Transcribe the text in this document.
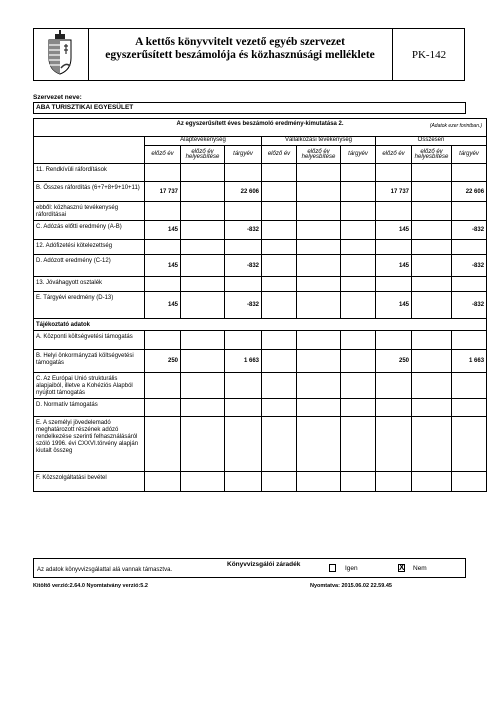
A kettős könyvvitelt vezető egyéb szervezet
egyszerűsített beszámolója és közhasznúsági melléklete	PK-142
Szervezet neve:
ABA TURISZTIKAI EGYESÜLET
Az egyszerűsített éves beszámoló eredmény-kimutatása 2. (Adatok ezer forintban.)									

	Alaptevékenység			Vállalkozási tevékenység			Összesen		
	előző év	előző év helyesbítése	tárgyév	előző év	előző év helyesbítése	tárgyév	előző év	előző év helyesbítése	tárgyév
11. Rendkívüli ráfordítások									
B. Összes ráfordítás (6+7+8+9+10+11)	17 737		22 606				17 737		22 606
ebből: közhasznú tevékenység ráfordításai									
C. Adózás előtti eredmény (A-B)	145		-832				145		-832
12. Adófizetési kötelezettség									
D. Adózott eredmény (C-12)	145		-832				145		-832
13. Jóváhagyott osztalék									
E. Tárgyévi eredmény (D-13)	145		-832				145		-832
Tájékoztató adatok									
A. Központi költségvetési támogatás									
B. Helyi önkormányzati költségvetési támogatás	250		1 663				250		1 663
C. Az Európai Unió strukturális alapjaiból, illetve a Kohéziós Alapból nyújtott támogatás									
D. Normatív támogatás									
E. A személyi jövedelemadó meghatározott részének adózó rendelkezése szerinti felhasználásáról szóló 1996. évi CXXVI.törvény alapján kiutalt összeg									
F. Közszolgáltatási bevétel									
Az adatok könyvvizsgálattal alá vannak támasztva.
Könyvvizsgálói záradék
Igen	X Nem
Kitöltő verzió:2.64.0 Nyomtatvány verzió:5.2	Nyomtatva: 2015.06.02 22.59.45
